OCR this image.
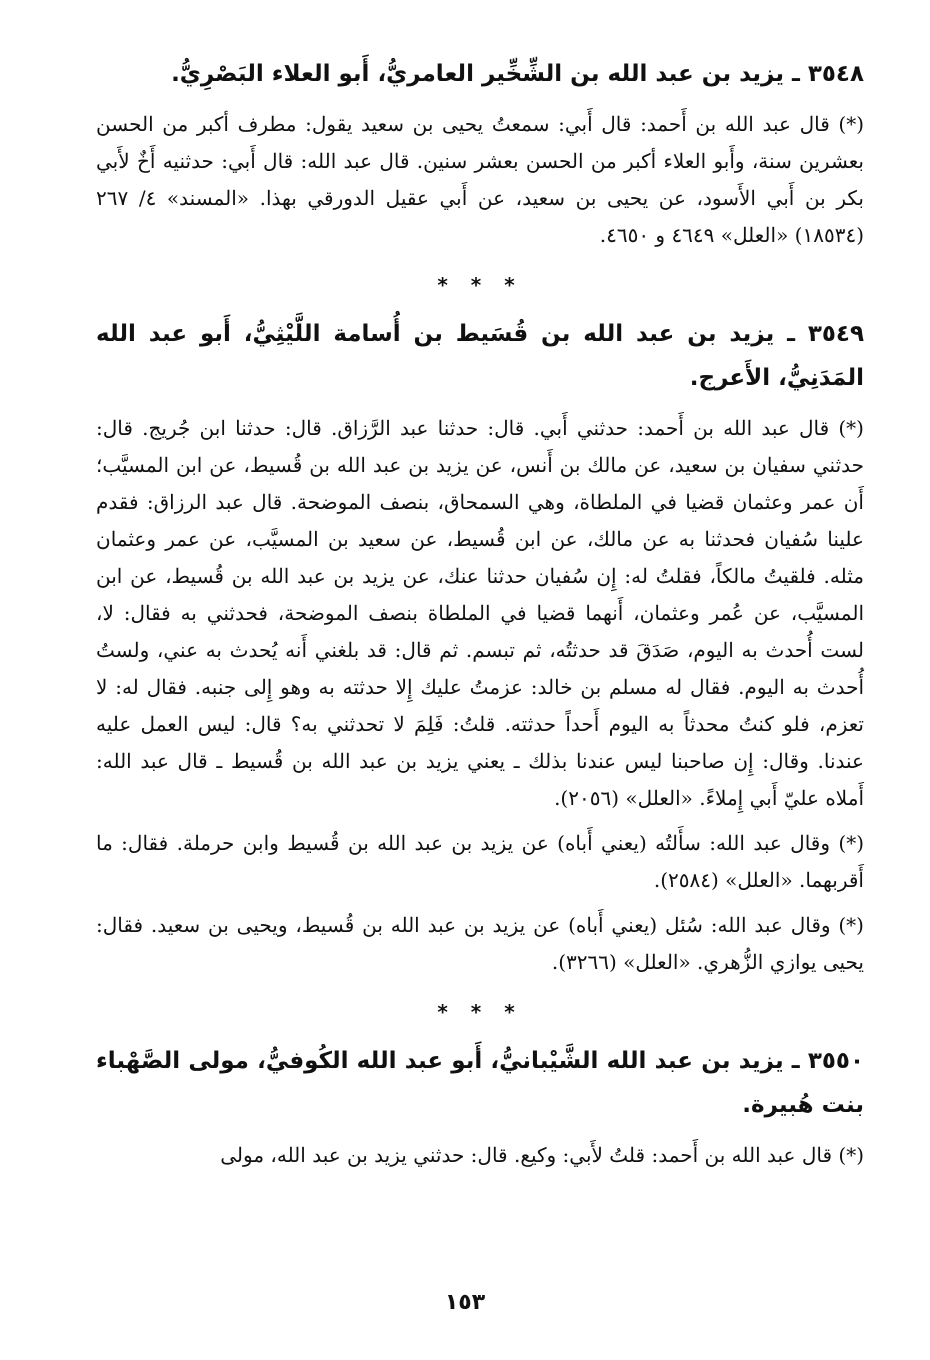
٣٥٤٨ ـ يزيد بن عبد الله بن الشِّخِّير العامريُّ، أَبو العلاء البَصْرِيُّ.

(*) قال عبد الله بن أَحمد: قال أَبي: سمعتُ يحيى بن سعيد يقول: مطرف أكبر من الحسن بعشرين سنة، وأَبو العلاء أكبر من الحسن بعشر سنين. قال عبد الله: قال أَبي: حدثنيه أَخٌ لأَبي بكر بن أَبي الأَسود، عن يحيى بن سعيد، عن أَبي عقيل الدورقي بهذا. «المسند» ٤/ ٢٦٧ (١٨٥٣٤) «العلل» ٤٦٤٩ و ٤٦٥٠.

* * *
٣٥٤٩ ـ يزيد بن عبد الله بن قُسَيط بن أُسامة اللَّيْثِيُّ، أَبو عبد الله المَدَنِيُّ، الأَعرج.

(*) قال عبد الله بن أَحمد: حدثني أَبي. قال: حدثنا عبد الرَّزاق. قال: حدثنا ابن جُريج. قال: حدثني سفيان بن سعيد، عن مالك بن أَنس، عن يزيد بن عبد الله بن قُسيط، عن ابن المسيَّب؛ أَن عمر وعثمان قضيا في الملطاة، وهي السمحاق، بنصف الموضحة. قال عبد الرزاق: فقدم علينا سُفيان فحدثنا به عن مالك، عن ابن قُسيط، عن سعيد بن المسيَّب، عن عمر وعثمان مثله. فلقيتُ مالكاً، فقلتُ له: إِن سُفيان حدثنا عنك، عن يزيد بن عبد الله بن قُسيط، عن ابن المسيَّب، عن عُمر وعثمان، أَنهما قضيا في الملطاة بنصف الموضحة، فحدثني به فقال: لا، لست أُحدث به اليوم، صَدَقَ قد حدثتُه، ثم تبسم. ثم قال: قد بلغني أَنه يُحدث به عني، ولستُ أُحدث به اليوم. فقال له مسلم بن خالد: عزمتُ عليك إِلا حدثته به وهو إِلى جنبه. فقال له: لا تعزم، فلو كنتُ محدثاً به اليوم أَحداً حدثته. قلتُ: فَلِمَ لا تحدثني به؟ قال: ليس العمل عليه عندنا. وقال: إِن صاحبنا ليس عندنا بذلك ـ يعني يزيد بن عبد الله بن قُسيط ـ قال عبد الله: أَملاه عليّ أَبي إِملاءً. «العلل» (٢٠٥٦).

(*) وقال عبد الله: سأَلتُه (يعني أَباه) عن يزيد بن عبد الله بن قُسيط وابن حرملة. فقال: ما أَقربهما. «العلل» (٢٥٨٤).

(*) وقال عبد الله: سُئل (يعني أَباه) عن يزيد بن عبد الله بن قُسيط، ويحيى بن سعيد. فقال: يحيى يوازي الزُّهري. «العلل» (٣٢٦٦).

* * *
٣٥٥٠ ـ يزيد بن عبد الله الشَّيْبانيُّ، أَبو عبد الله الكُوفيُّ، مولى الصَّهْباء بنت هُبيرة.

(*) قال عبد الله بن أَحمد: قلتُ لأَبي: وكيع. قال: حدثني يزيد بن عبد الله، مولى

١٥٣
